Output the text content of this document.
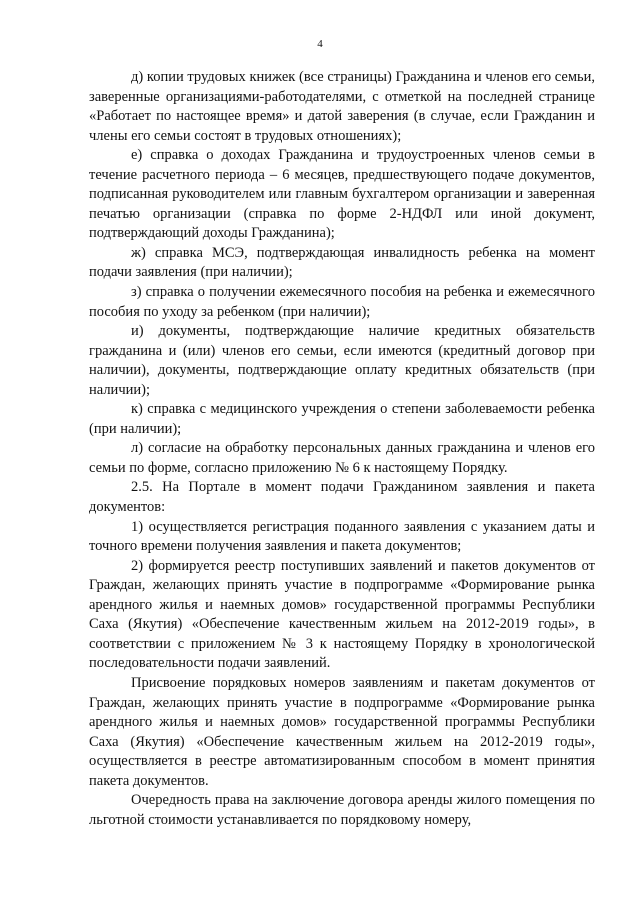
4

д) копии трудовых книжек (все страницы) Гражданина и членов его семьи, заверенные организациями-работодателями, с отметкой на последней странице «Работает по настоящее время» и датой заверения (в случае, если Гражданин и члены его семьи состоят в трудовых отношениях);

е) справка о доходах Гражданина и трудоустроенных членов семьи в течение расчетного периода – 6 месяцев, предшествующего подаче документов, подписанная руководителем или главным бухгалтером организации и заверенная печатью организации (справка по форме 2-НДФЛ или иной документ, подтверждающий доходы Гражданина);

ж) справка МСЭ, подтверждающая инвалидность ребенка на момент подачи заявления (при наличии);

з) справка о получении ежемесячного пособия на ребенка и ежемесячного пособия по уходу за ребенком (при наличии);

и) документы, подтверждающие наличие кредитных обязательств гражданина и (или) членов его семьи, если имеются (кредитный договор при наличии), документы, подтверждающие оплату кредитных обязательств (при наличии);

к) справка с медицинского учреждения о степени заболеваемости ребенка (при наличии);

л) согласие на обработку персональных данных гражданина и членов его семьи по форме, согласно приложению № 6 к настоящему Порядку.

2.5. На Портале в момент подачи Гражданином заявления и пакета документов:

1) осуществляется регистрация поданного заявления с указанием даты и точного времени получения заявления и пакета документов;

2) формируется реестр поступивших заявлений и пакетов документов от Граждан, желающих принять участие в подпрограмме «Формирование рынка арендного жилья и наемных домов» государственной программы Республики Саха (Якутия) «Обеспечение качественным жильем на 2012-2019 годы», в соответствии с приложением № 3 к настоящему Порядку в хронологической последовательности подачи заявлений.

Присвоение порядковых номеров заявлениям и пакетам документов от Граждан, желающих принять участие в подпрограмме «Формирование рынка арендного жилья и наемных домов» государственной программы Республики Саха (Якутия) «Обеспечение качественным жильем на 2012-2019 годы», осуществляется в реестре автоматизированным способом в момент принятия пакета документов.

Очередность права на заключение договора аренды жилого помещения по льготной стоимости устанавливается по порядковому номеру,
